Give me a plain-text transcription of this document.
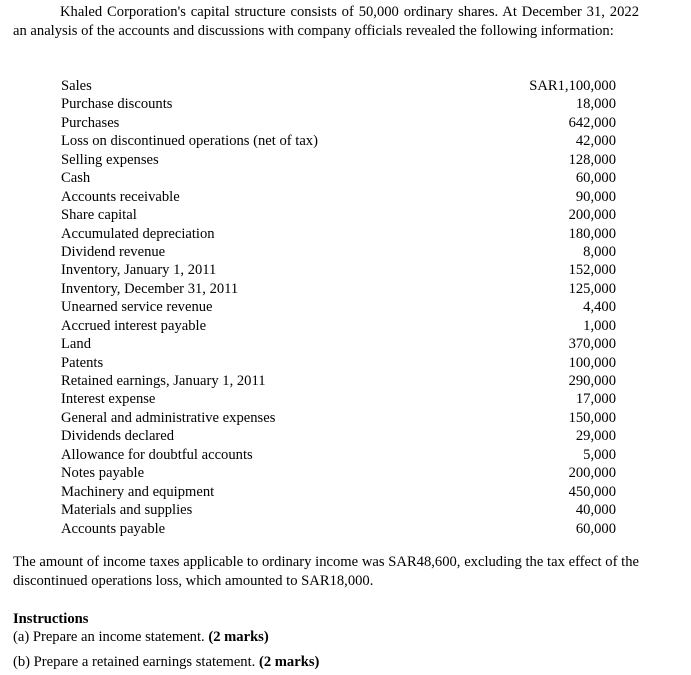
Khaled Corporation's capital structure consists of 50,000 ordinary shares. At December 31, 2022 an analysis of the accounts and discussions with company officials revealed the following information:

Sales	SAR1,100,000
Purchase discounts	18,000
Purchases	642,000
Loss on discontinued operations (net of tax)	42,000
Selling expenses	128,000
Cash	60,000
Accounts receivable	90,000
Share capital	200,000
Accumulated depreciation	180,000
Dividend revenue	8,000
Inventory, January 1, 2011	152,000
Inventory, December 31, 2011	125,000
Unearned service revenue	4,400
Accrued interest payable	1,000
Land	370,000
Patents	100,000
Retained earnings, January 1, 2011	290,000
Interest expense	17,000
General and administrative expenses	150,000
Dividends declared	29,000
Allowance for doubtful accounts	5,000
Notes payable	200,000
Machinery and equipment	450,000
Materials and supplies	40,000
Accounts payable	60,000

The amount of income taxes applicable to ordinary income was SAR48,600, excluding the tax effect of the discontinued operations loss, which amounted to SAR18,000.

Instructions
(a) Prepare an income statement. (2 marks)
(b) Prepare a retained earnings statement. (2 marks)
